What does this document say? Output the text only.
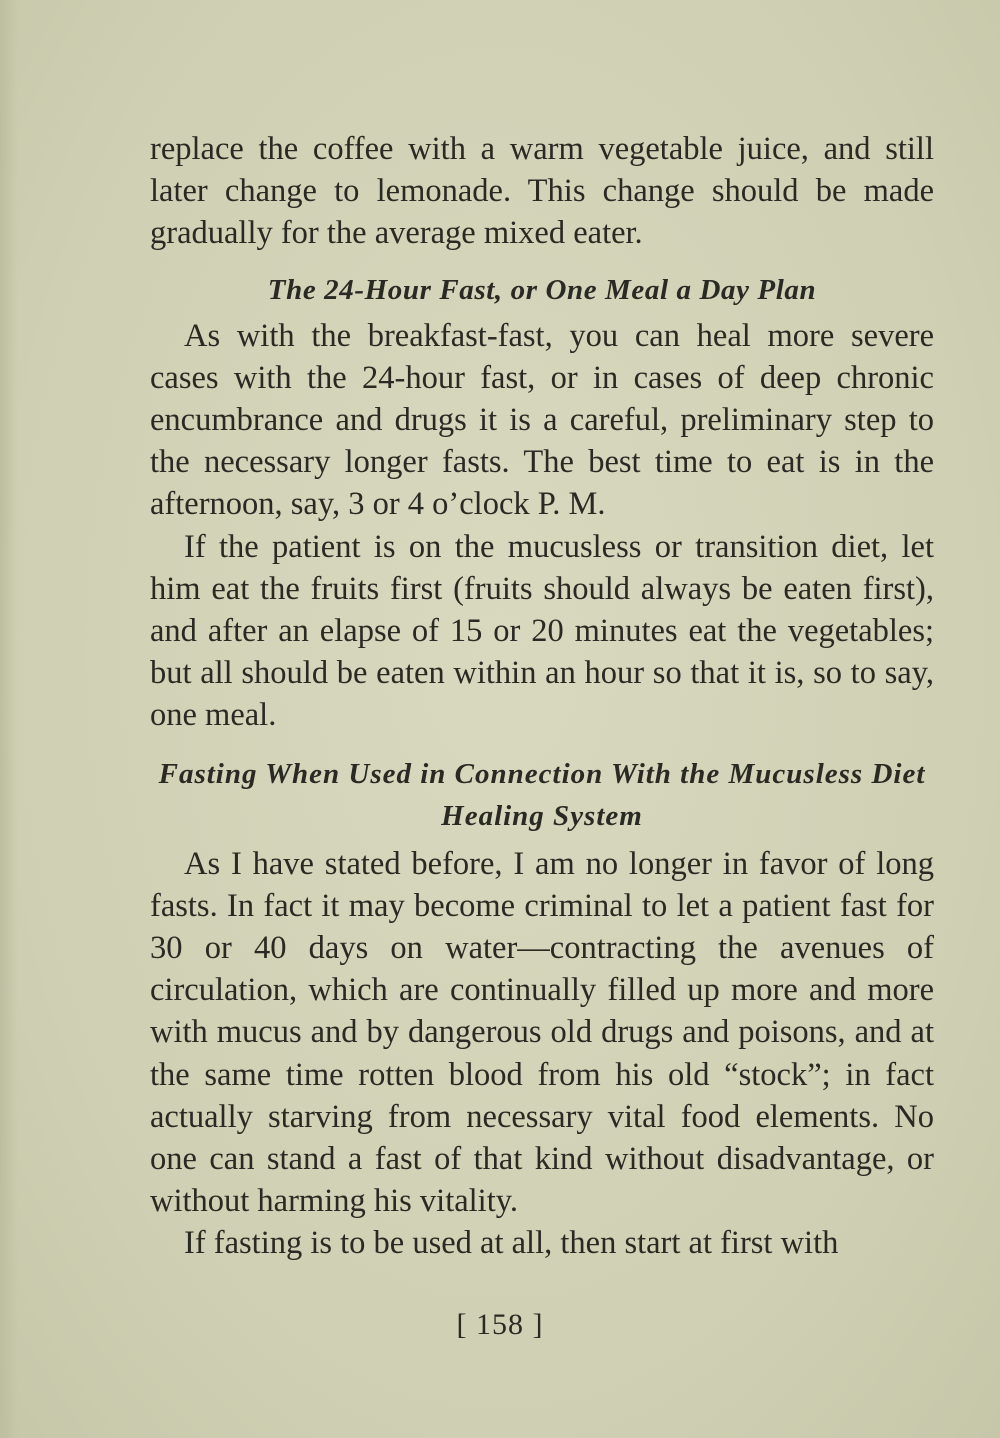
replace the coffee with a warm vegetable juice, and still later change to lemonade. This change should be made gradually for the average mixed eater.

The 24-Hour Fast, or One Meal a Day Plan

As with the breakfast-fast, you can heal more severe cases with the 24-hour fast, or in cases of deep chronic encumbrance and drugs it is a careful, preliminary step to the necessary longer fasts. The best time to eat is in the afternoon, say, 3 or 4 o’clock P. M.

If the patient is on the mucusless or transition diet, let him eat the fruits first (fruits should always be eaten first), and after an elapse of 15 or 20 minutes eat the vegetables; but all should be eaten within an hour so that it is, so to say, one meal.

Fasting When Used in Connection With the Mucusless Diet Healing System

As I have stated before, I am no longer in favor of long fasts. In fact it may become criminal to let a patient fast for 30 or 40 days on water—contracting the avenues of circulation, which are continually filled up more and more with mucus and by dangerous old drugs and poisons, and at the same time rotten blood from his old “stock”; in fact actually starving from necessary vital food elements. No one can stand a fast of that kind without disadvantage, or without harming his vitality.

If fasting is to be used at all, then start at first with

[ 158 ]
